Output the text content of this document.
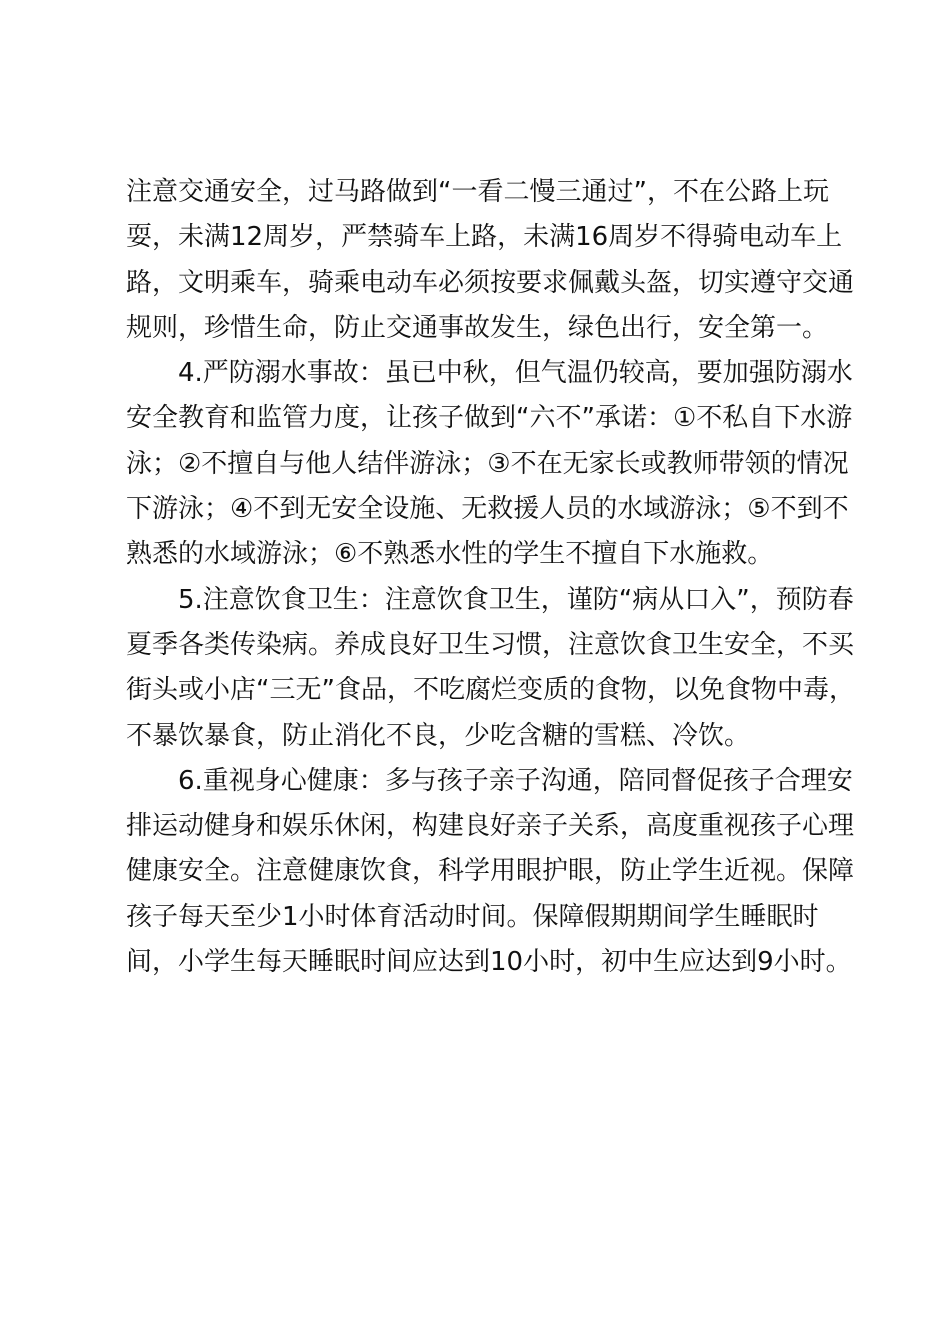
注意交通安全，过马路做到“一看二慢三通过”，不在公路上玩耍，未满12周岁，严禁骑车上路，未满16周岁不得骑电动车上路，文明乘车，骑乘电动车必须按要求佩戴头盔，切实遵守交通规则，珍惜生命，防止交通事故发生，绿色出行，安全第一。

4.严防溺水事故：虽已中秋，但气温仍较高，要加强防溺水安全教育和监管力度，让孩子做到“六不”承诺：①不私自下水游泳；②不擅自与他人结伴游泳；③不在无家长或教师带领的情况下游泳；④不到无安全设施、无救援人员的水域游泳；⑤不到不熟悉的水域游泳；⑥不熟悉水性的学生不擅自下水施救。

5.注意饮食卫生：注意饮食卫生，谨防“病从口入”，预防春夏季各类传染病。养成良好卫生习惯，注意饮食卫生安全，不买街头或小店“三无”食品，不吃腐烂变质的食物，以免食物中毒，不暴饮暴食，防止消化不良，少吃含糖的雪糕、冷饮。

6.重视身心健康：多与孩子亲子沟通，陪同督促孩子合理安排运动健身和娱乐休闲，构建良好亲子关系，高度重视孩子心理健康安全。注意健康饮食，科学用眼护眼，防止学生近视。保障孩子每天至少1小时体育活动时间。保障假期期间学生睡眠时间，小学生每天睡眠时间应达到10小时，初中生应达到9小时。
